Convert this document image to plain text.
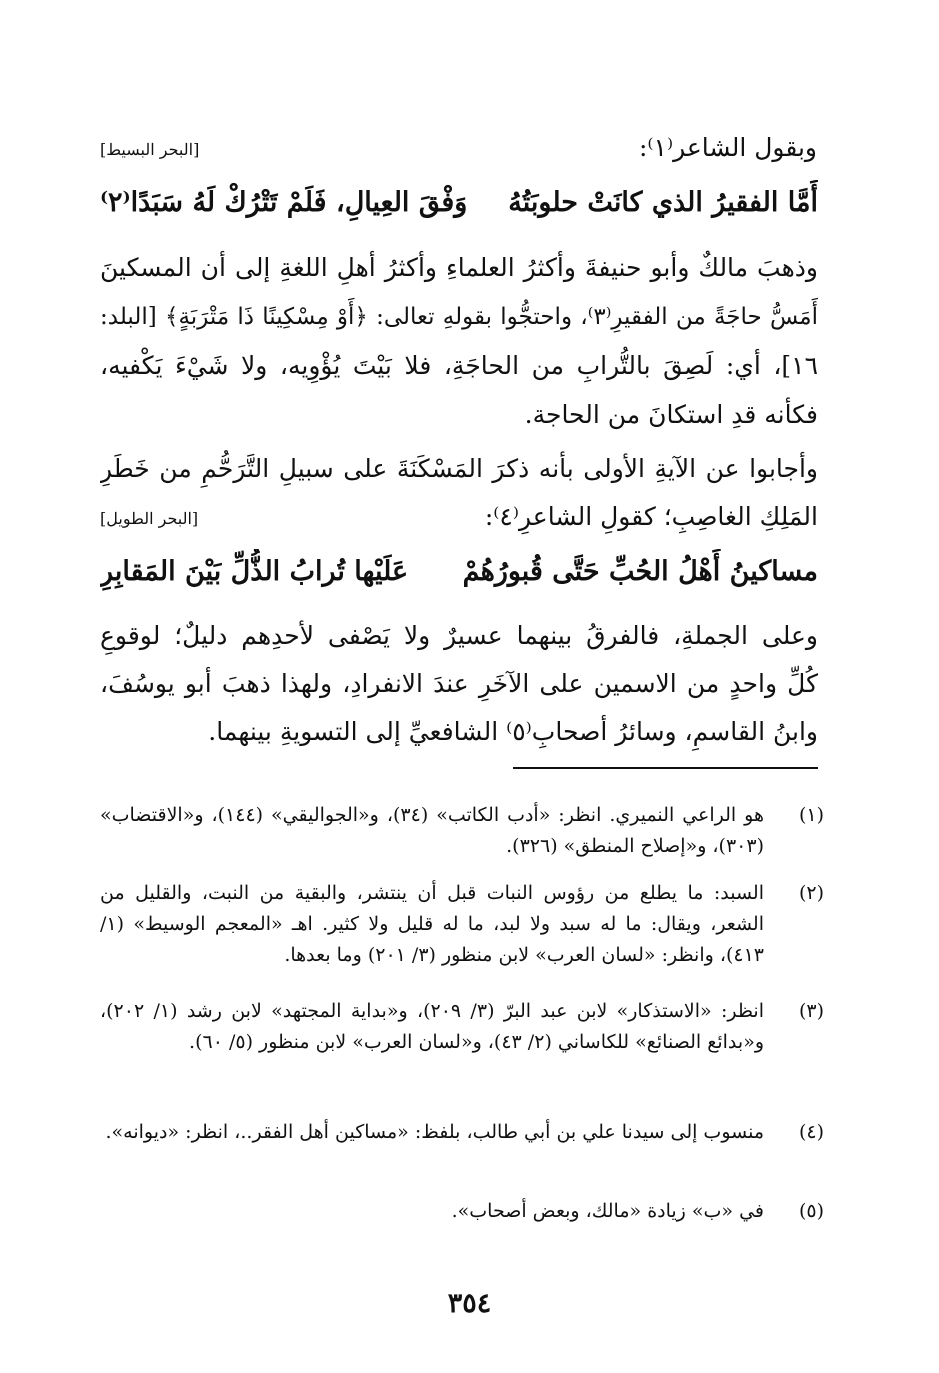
وبقول الشاعر⁽١⁾:
[البحر البسيط]
أَمَّا الفقيرُ الذي كانَتْ حلوبَتُهُ
وَفْقَ العِيالِ، فَلَمْ تَتْرُكْ لَهُ سَبَدًا⁽٢⁾
وذهبَ مالكٌ وأبو حنيفةَ وأكثرُ العلماءِ وأكثرُ أهلِ اللغةِ إلى أن المسكينَ
أَمَسُّ حاجَةً من الفقيرِ⁽٣⁾، واحتجُّوا بقولهِ تعالى: ﴿أَوْ مِسْكِينًا ذَا مَتْرَبَةٍ﴾ [البلد:
١٦]، أي: لَصِقَ بالتُّرابِ من الحاجَةِ، فلا بَيْتَ يُؤْوِيه، ولا شَيْءَ يَكْفيه،
فكأنه قدِ استكانَ من الحاجة.
وأجابوا عن الآيةِ الأولى بأنه ذكرَ المَسْكَنَةَ على سبيلِ التَّرَحُّمِ من خَطَرِ
المَلِكِ الغاصِبِ؛ كقولِ الشاعرِ⁽٤⁾:
[البحر الطويل]
مساكينُ أَهْلُ الحُبِّ حَتَّى قُبورُهُمْ
عَلَيْها تُرابُ الذُّلِّ بَيْنَ المَقابِرِ
وعلى الجملةِ، فالفرقُ بينهما عسيرٌ ولا يَصْفى لأحدِهم دليلٌ؛ لوقوعِ
كُلِّ واحدٍ من الاسمين على الآخَرِ عندَ الانفرادِ، ولهذا ذهبَ أبو يوسُفَ،
وابنُ القاسمِ، وسائرُ أصحابِ⁽٥⁾ الشافعيِّ إلى التسويةِ بينهما.
(١)
هو الراعي النميري. انظر: «أدب الكاتب» (٣٤)، و«الجواليقي» (١٤٤)، و«الاقتضاب» (٣٠٣)، و«إصلاح المنطق» (٣٢٦).
(٢)
السبد: ما يطلع من رؤوس النبات قبل أن ينتشر، والبقية من النبت، والقليل من الشعر، ويقال: ما له سبد ولا لبد، ما له قليل ولا كثير. اهـ «المعجم الوسيط» (١/ ٤١٣)، وانظر: «لسان العرب» لابن منظور (٣/ ٢٠١) وما بعدها.
(٣)
انظر: «الاستذكار» لابن عبد البرّ (٣/ ٢٠٩)، و«بداية المجتهد» لابن رشد (١/ ٢٠٢)، و«بدائع الصنائع» للكاساني (٢/ ٤٣)، و«لسان العرب» لابن منظور (٥/ ٦٠).
(٤)
منسوب إلى سيدنا علي بن أبي طالب، بلفظ: «مساكين أهل الفقر..، انظر: «ديوانه».
(٥)
في «ب» زيادة «مالك، وبعض أصحاب».
٣٥٤
